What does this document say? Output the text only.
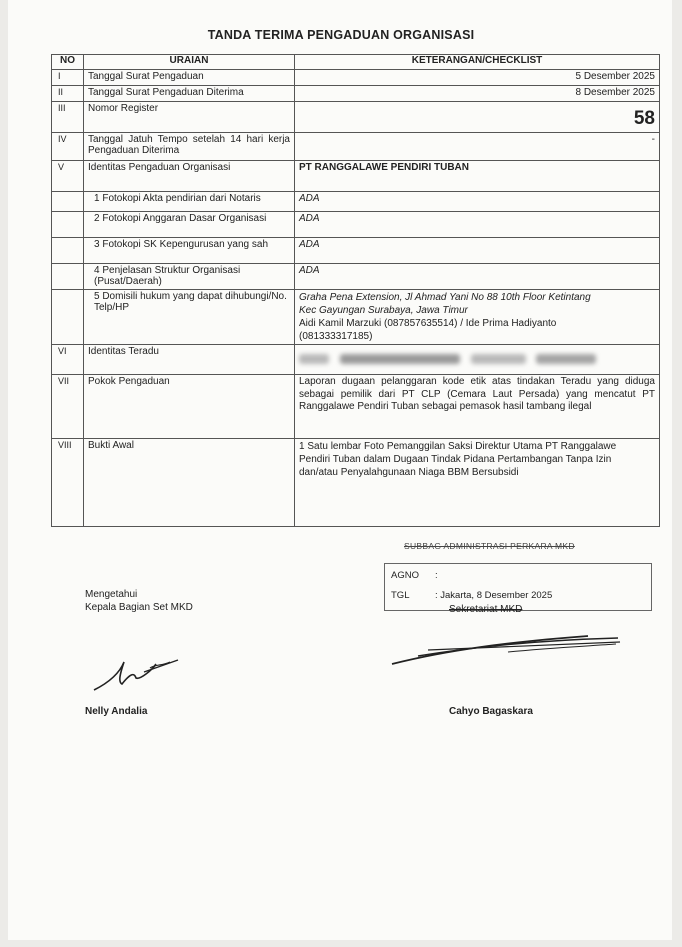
TANDA TERIMA PENGADUAN ORGANISASI
NO	URAIAN	KETERANGAN/CHECKLIST
I	Tanggal Surat Pengaduan	5 Desember 2025
II	Tanggal Surat Pengaduan Diterima	8 Desember 2025
III	Nomor Register	58
IV	Tanggal Jatuh Tempo setelah 14 hari kerja Pengaduan Diterima	-
V	Identitas Pengaduan Organisasi	PT RANGGALAWE PENDIRI TUBAN
	1 Fotokopi Akta pendirian dari Notaris	ADA
	2 Fotokopi Anggaran Dasar Organisasi	ADA
	3 Fotokopi SK Kepengurusan yang sah	ADA
	4 Penjelasan Struktur Organisasi (Pusat/Daerah)	ADA
	5 Domisili hukum yang dapat dihubungi/No. Telp/HP	Graha Pena Extension, Jl Ahmad Yani No 88 10th Floor Ketintang
Kec Gayungan Surabaya, Jawa Timur
Aidi Kamil Marzuki (087857635514) / Ide Prima Hadiyanto
(081333317185)

VI	Identitas Teradu	
VII	Pokok Pengaduan	Laporan dugaan pelanggaran kode etik atas tindakan Teradu yang diduga sebagai pemilik dari PT CLP (Cemara Laut Persada) yang mencatut PT Ranggalawe Pendiri Tuban sebagai pemasok hasil tambang ilegal
VIII	Bukti Awal	1 Satu lembar Foto Pemanggilan Saksi Direktur Utama PT Ranggalawe Pendiri Tuban dalam Dugaan Tindak Pidana Pertambangan Tanpa Izin dan/atau Penyalahgunaan Niaga BBM Bersubsidi
SUBBAG ADMINISTRASI PERKARA MKD
AGNO :
TGL	: Jakarta, 8 Desember 2025
Mengetahui
Kepala Bagian Set MKD	Sekretariat MKD
Nelly Andalia	Cahyo Bagaskara
